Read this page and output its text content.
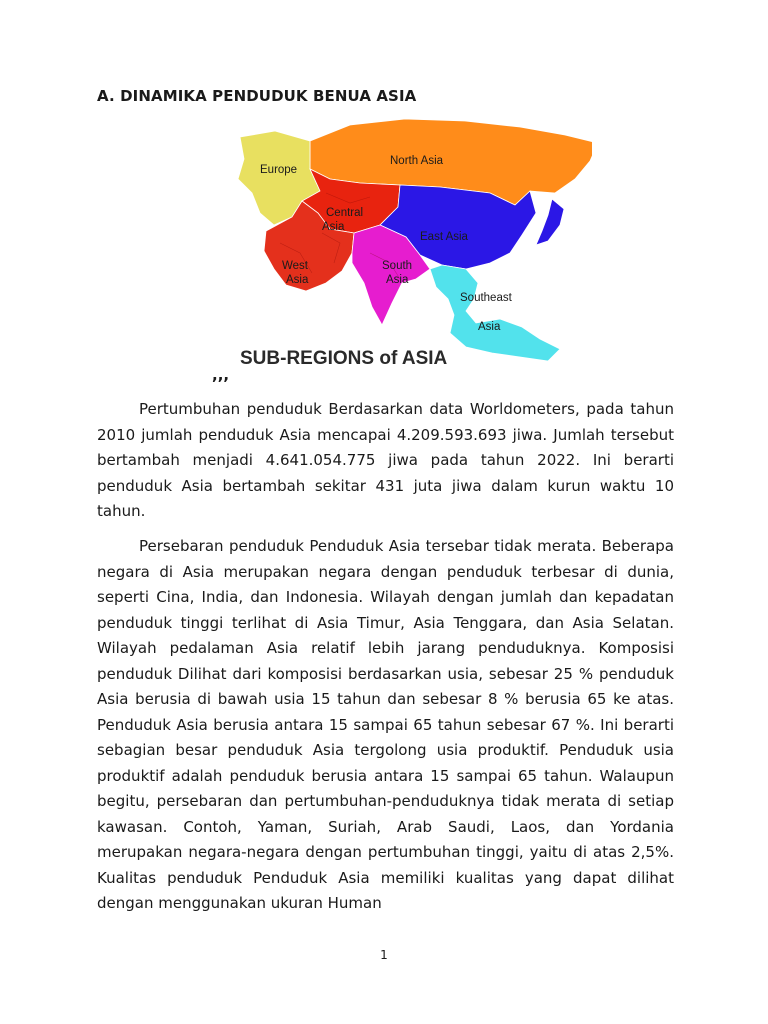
A. DINAMIKA PENDUDUK BENUA ASIA
Europe
North Asia
Central
Asia
East Asia
West
Asia
South
Asia
Southeast
Asia
SUB-REGIONS of ASIA
,,,

Pertumbuhan penduduk Berdasarkan data Worldometers, pada tahun 2010 jumlah penduduk Asia mencapai 4.209.593.693 jiwa. Jumlah tersebut bertambah menjadi 4.641.054.775 jiwa pada tahun 2022. Ini berarti penduduk Asia bertambah sekitar 431 juta jiwa dalam kurun waktu 10 tahun.

Persebaran penduduk Penduduk Asia tersebar tidak merata. Beberapa negara di Asia merupakan negara dengan penduduk terbesar di dunia, seperti Cina, India, dan Indonesia. Wilayah dengan jumlah dan kepadatan penduduk tinggi terlihat di Asia Timur, Asia Tenggara, dan Asia Selatan. Wilayah pedalaman Asia relatif lebih jarang penduduknya. Komposisi penduduk Dilihat dari komposisi berdasarkan usia, sebesar 25 % penduduk Asia berusia di bawah usia 15 tahun dan sebesar 8 % berusia 65 ke atas. Penduduk Asia berusia antara 15 sampai 65 tahun sebesar 67 %. Ini berarti sebagian besar penduduk Asia tergolong usia produktif. Penduduk usia produktif adalah penduduk berusia antara 15 sampai 65 tahun. Walaupun begitu, persebaran dan pertumbuhan-penduduknya tidak merata di setiap kawasan. Contoh, Yaman, Suriah, Arab Saudi, Laos, dan Yordania merupakan negara-negara dengan pertumbuhan tinggi, yaitu di atas 2,5%. Kualitas penduduk Penduduk Asia memiliki kualitas yang dapat dilihat dengan menggunakan ukuran Human

1
